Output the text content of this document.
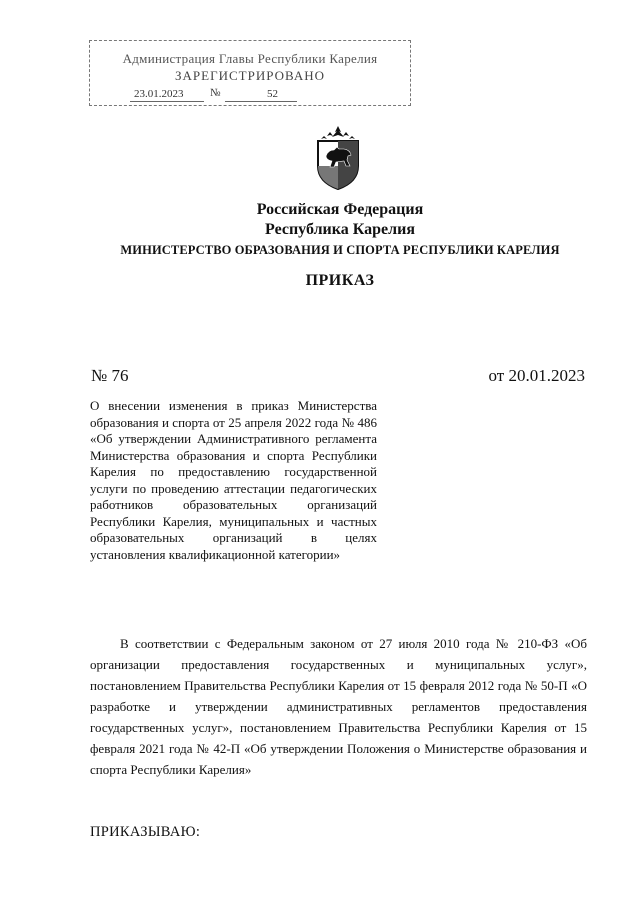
Администрация Главы Республики Карелия
ЗАРЕГИСТРИРОВАНО
23.01.2023 №	52
Российская Федерация
Республика Карелия
МИНИСТЕРСТВО ОБРАЗОВАНИЯ И СПОРТА РЕСПУБЛИКИ КАРЕЛИЯ
ПРИКАЗ
№ 76	от 20.01.2023

О внесении изменения в приказ Министерства образования и спорта от 25 апреля 2022 года № 486 «Об утверждении Административного регламента Министерства образования и спорта Республики Карелия по предоставлению государственной услуги по проведению аттестации педагогических работников образовательных организаций Республики Карелия, муниципальных и частных образовательных организаций в целях установления квалификационной категории»

В соответствии с Федеральным законом от 27 июля 2010 года № 210-ФЗ «Об организации предоставления государственных и муниципальных услуг», постановлением Правительства Республики Карелия от 15 февраля 2012 года № 50-П «О разработке и утверждении административных регламентов предоставления государственных услуг», постановлением Правительства Республики Карелия от 15 февраля 2021 года № 42-П «Об утверждении Положения о Министерстве образования и спорта Республики Карелия»

ПРИКАЗЫВАЮ:
